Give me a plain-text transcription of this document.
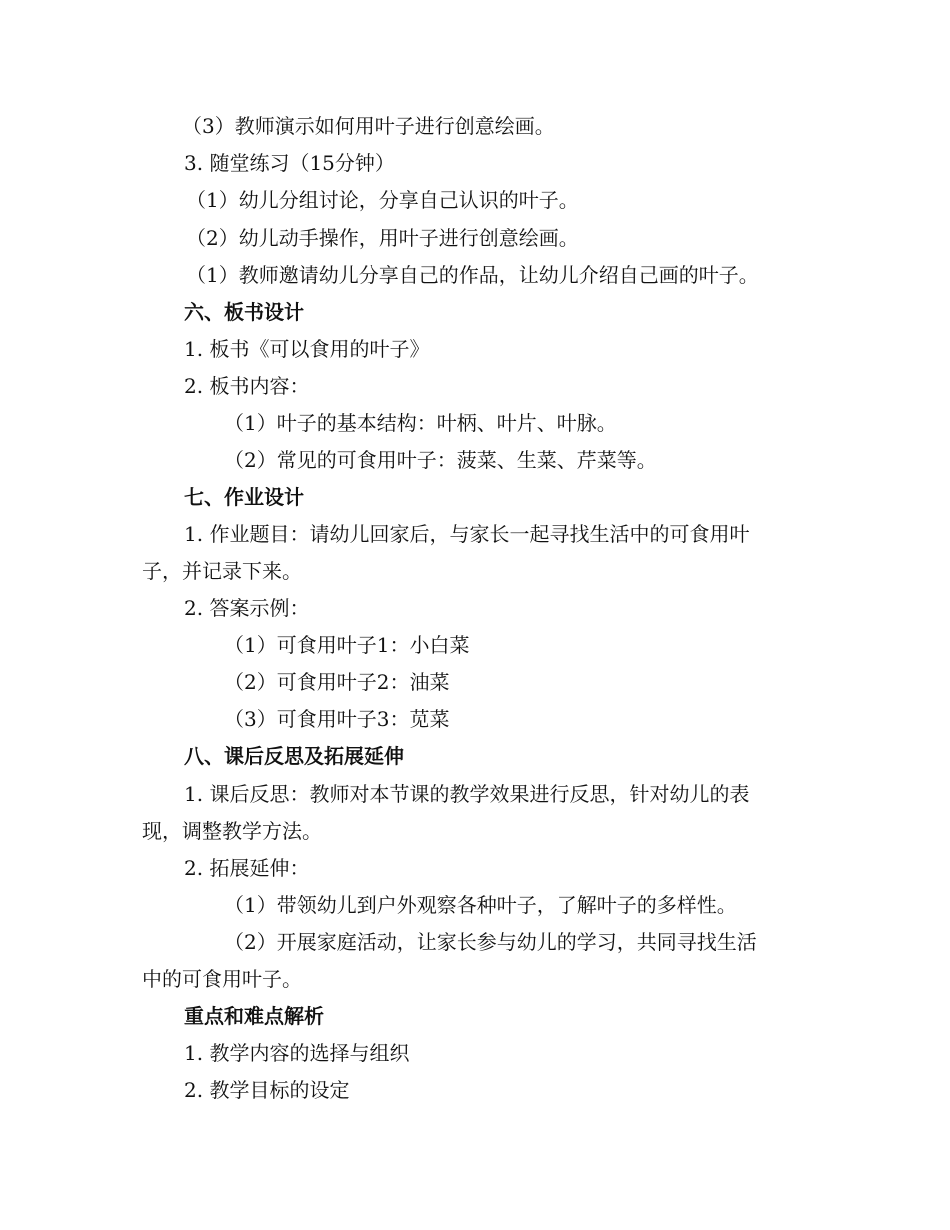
（3）教师演示如何用叶子进行创意绘画。
3. 随堂练习（15分钟）
（1）幼儿分组讨论，分享自己认识的叶子。
（2）幼儿动手操作，用叶子进行创意绘画。
（1）教师邀请幼儿分享自己的作品，让幼儿介绍自己画的叶子。
六、板书设计
1. 板书《可以食用的叶子》
2. 板书内容：
（1）叶子的基本结构：叶柄、叶片、叶脉。
（2）常见的可食用叶子：菠菜、生菜、芹菜等。
七、作业设计
1. 作业题目：请幼儿回家后，与家长一起寻找生活中的可食用叶
子，并记录下来。
2. 答案示例：
（1）可食用叶子1：小白菜
（2）可食用叶子2：油菜
（3）可食用叶子3：苋菜
八、课后反思及拓展延伸
1. 课后反思：教师对本节课的教学效果进行反思，针对幼儿的表
现，调整教学方法。
2. 拓展延伸：
（1）带领幼儿到户外观察各种叶子，了解叶子的多样性。
（2）开展家庭活动，让家长参与幼儿的学习，共同寻找生活
中的可食用叶子。
重点和难点解析
1. 教学内容的选择与组织
2. 教学目标的设定
